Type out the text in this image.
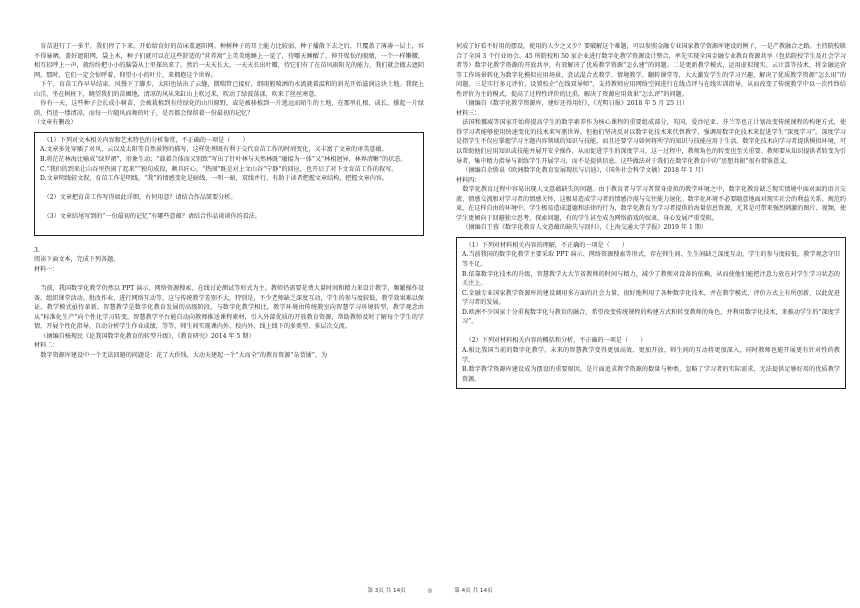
育苗进行了一多半，我们停了下来，开始给育好的苗床盖遮阳网。种树种子的耳土能力比较弱，种子播散下去之后，只覆盖了薄薄一层土，容不得暴晒。盖好遮阳网，袋上木，种子们就可以在这些舒适的“营养窝”上美美地睡上一觉了，待哪天睡醒了，伸开惺忪的眼睛，一个一样懒腰，相互招呼上一声，就纷纷把小小的脑袋从土里探出来了。然后一天天长大，一天天长出叶瓣，待它们有了在苗风雨阳光的能力，我们就会撤去遮阴网。那时，它们一定会惊呼着，仰望小小的叶片，来拥抱这个世界。

下午，育苗工作早早结束。风慢下了脚步，太阳也钻出了云缝，微喘管已接好，细雨般喷洒的水流就着温和的斜光开始滋润这块土地。我爬上山洼，坐在树桩下，眺望我们的苗圃地，清凉的风从来缸山上吹过来，吹动了绿波荡漾，吹来了丝丝寒意。

你有一天，这些种子会长成小树苗，会被栽植到有待绿化的山川原野，或是被移植到一片逃远而陌生的土地，在那里扎根、成长，撑起一片绿荫，挡送一缕清凉，而每一片随风而舞的叶子，是否都会保留着一份最初的记忆？

（文章有删改）

（1）下列对文本相关内容和艺术特色的分析鉴赏，不正确的一项是（　　）

A.文章多处穿插了对风、云以及太阳等自然景物的描写，这样处理既有利于交代育苗工作的时间变化，又丰富了文章的审美意蕴。

B.将茫茫林海比喻成“绿罗裙”，形象生动；“载着合体而又别致”写出了针叶林与天然林既“融接为一体”又“林相迥异、林界清晰”的状态。

C.“我们的到来让山谷里热闹了起来”“独句成段，颇具匠心，“热闹”既是对上文山谷“宁静”的回应，也开启了对下文育苗工作的叙写。

D.文章明线较文叙，育苗工作是明线，“我”的情感变化是暗线，一明一暗，双线并行，有助于读者把握文章结构，把握文章内容。

（2）文章把育苗工作写得如此详细，有何用意？请结合作品简要分析。

（3）文章结尾写到的“一份最初的记忆”有哪些意蕴？请结合作品谈谈你的看法。

3.

阅读下面文本，完成下列各题。

材料一：

当前，我国数字化教学仍然以 PPT 演示、网络资源搜索、在线讨论测试等形式为主。教师仍需要花费大量时间和精力来设计教学，频繁操作设备、组织课堂活动、批改作业、进行网络互动等，这与传统教学差别不大，特别是，不少老师缺乏深度互动，学生的参与度较低，教学效果难以保证。教学模式亟待革新。智慧教学是数字化教育发展的高级阶段，与数字化教学相比，教学环境由传统教室向智慧学习环境转型，教学观念由从“标准化生产”向个性化学习转变，智慧教学平台能自动向教师推送课程素材，引入外部优质的开放教育资源，帮助教师及时了解每个学生的学情，开展个性化指导，自动分析学生作业成绩，等等，师生间实现课内外、校内外、线上线下的多类型、多层次交流。

（摘编自杨现民《论我国数字化教育的转型升级》，《教育研究》2014 年 5 期）

材料二：

数字资源库建设中一个无法回避的问题是：花了大价钱、大动天建起一个“大而全”的教育资源“杂货铺”，为

何成了好看不好用的摆设，使用的人少之又少？要破解这个难题，可以参照金融专业国家教学资源库建设的例子，一是产教融合之路。主持院校联合了全国 3 个行业协会、45 所院校和 50 家企业进行数字化教学资源设计整合，率先实现全国金融专业教育资源共享（包括院校学生及社会学习者等）数字化教学资源的开放共享，有效解决了优质教学资源“怎么建”的问题。二是更新教学模式，运用虚拟现实、云计算等技术，将金融运营等工作场景转化为数字化模拟应用场景，尝试混合式教学、情境教学、翻转课堂等，大大激发学生的学习兴趣，解决了优质教学资源“怎么用”的问题。三是实行多元评价，设置校企“在线双导师”，支持教师应用网络空间进行在线点评与在线实训指导，从而改变了传统教学中以一次性终结性评价为主的模式，提高了过程性评价的比重，解决了资源应用效果“怎么评”的问题。

（摘编自《数字化教学资源库，建好还得用好》，《光明日报》2018 年 5 月 25 日）

材料三：

法国和挪威等国家开始将提高学生的数字素养作为核心课程的重要组成部分，英国、爱沙尼亚、芬兰等也正计划改变传统课程的构建方式，使得学习者能够使用快速变化的技术来写驱世界。但他们坚决反对以数字化技术来代替教学，强调用数字化技术来促进学生“深度学习”。深度学习是指学生不仅应掌握学习主题内容领域的知识与技能，而且还要学习如何将所学的知识与技能应用于生活。数字化技术向学习者提供模拟环境，可以帮助他们应用知识或技能并展开安全操作，从而促进学生的深度学习，这一过程中，教师角色的转变也至关重要。教师要从知识提供者转变为引导者，集中精力指导与训练学生开展学习，而不是提供信息。这些做法对于我们在数字化教育中的“思想共振”很有借鉴意义。

（摘编自余胜泉《欧洲数字化教育发展现状与启迪》，《国外社会科学文摘》2018 年 1 月）

材料四：

数字化教育过程中容易出现人文意蕴缺失的问题。由于教育者与学习者置身虚拟的教学环境之中，数字化教育缺乏现实情境中面对面的语言交流、情感交流和对学习者的情感关怀，这极易造成学习者的情感冷漠与交往能力退化。数字化环境不必要随意地面对现实社会的利益关系、规范约束，在这样自由的环境中，学生极易造成道德和法律的行为，数字化教育为学习者提供的海量信息资源，尤其是可带来强烈刺激的图片、视频，使学生更倾向于回避独立思考、探索问题，有的学生甚至成为网络游戏的奴隶，身心发展严重受阻。

（摘编自王蓉《数字化教育人文意蕴的缺失与回归》，《上海交通大学学报》2019 年 1 期）

（1）下列对材料相关内容的理解，不正确的一项是（　　）

A.当前我国的数字化教学主要采取 PPT 演示、网络资源搜索等形式，存在师生间、生生间缺乏深度互动，学生的参与度较低，教学观念守旧等不足。

B.依靠数字化技术的升级，智慧教学大大节省教师的时间与精力，减少了教师对设备的依赖，从而使他们能把注意力放在对学生学习状态的关注上。

C.金融专业国家教学资源库的建设调用多方面的社会力量，很好地利用了各种数字化技术，并在教学模式、评价方式上有所创新，以此促进学习者的发展。

D.欧洲不少国家十分重视数字化与教育的融合，希望改变传统课程的构建方式和转变教师的角色，并利用数字化技术，来推动学生的“深度学习”。

（2）下列对材料相关内容的概括和分析，不正确的一项是（　　）

A.相比我国当前的数字化教学，未来的智慧教学变得更加高效、更加开放，师生间的互动将更加深入，同时教师也能开展更有针对性的教学。

B.数字教学资源库建设成为摆设的重要原因，是片面追求教学资源的数量与种类，忽略了学习者的实际需求，无法提供足够好用的优质教学资源。

第 3页 共 14页	◎	第 4页 共 14页
